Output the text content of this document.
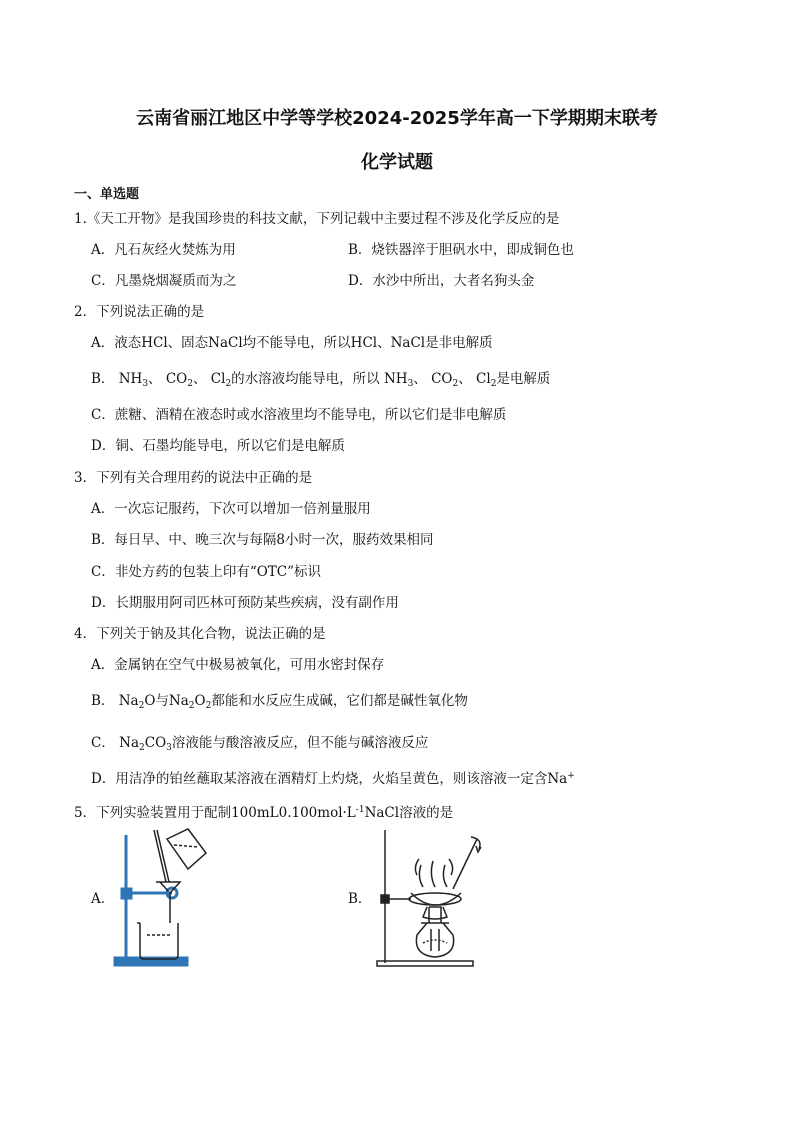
云南省丽江地区中学等学校2024-2025学年高一下学期期末联考
化学试题
一、单选题
1.《天工开物》是我国珍贵的科技文献，下列记载中主要过程不涉及化学反应的是
A．凡石灰经火焚炼为用	B．烧铁器淬于胆矾水中，即成铜色也
C．凡墨烧烟凝质而为之	D．水沙中所出，大者名狗头金
2．下列说法正确的是
A．液态HCl、固态NaCl均不能导电，所以HCl、NaCl是非电解质
B． $NH_3$、 $CO_2$、 $Cl_2$的水溶液均能导电，所以 $NH_3$、 $CO_2$、 $Cl_2$是电解质
C．蔗糖、酒精在液态时或水溶液里均不能导电，所以它们是非电解质
D．铜、石墨均能导电，所以它们是电解质
3．下列有关合理用药的说法中正确的是
A．一次忘记服药，下次可以增加一倍剂量服用
B．每日早、中、晚三次与每隔8小时一次，服药效果相同
C．非处方药的包装上印有“OTC”标识
D．长期服用阿司匹林可预防某些疾病，没有副作用
4．下列关于钠及其化合物，说法正确的是
A．金属钠在空气中极易被氧化，可用水密封保存
B． $Na_2O$与$Na_2O_2$都能和水反应生成碱，它们都是碱性氧化物
C． $Na_2CO_3$溶液能与酸溶液反应，但不能与碱溶液反应
D．用洁净的铂丝蘸取某溶液在酒精灯上灼烧，火焰呈黄色，则该溶液一定含Na+
5．下列实验装置用于配制$100mL0.100mol\cdot L^{-1}NaCl$溶液的是
A．	B．
